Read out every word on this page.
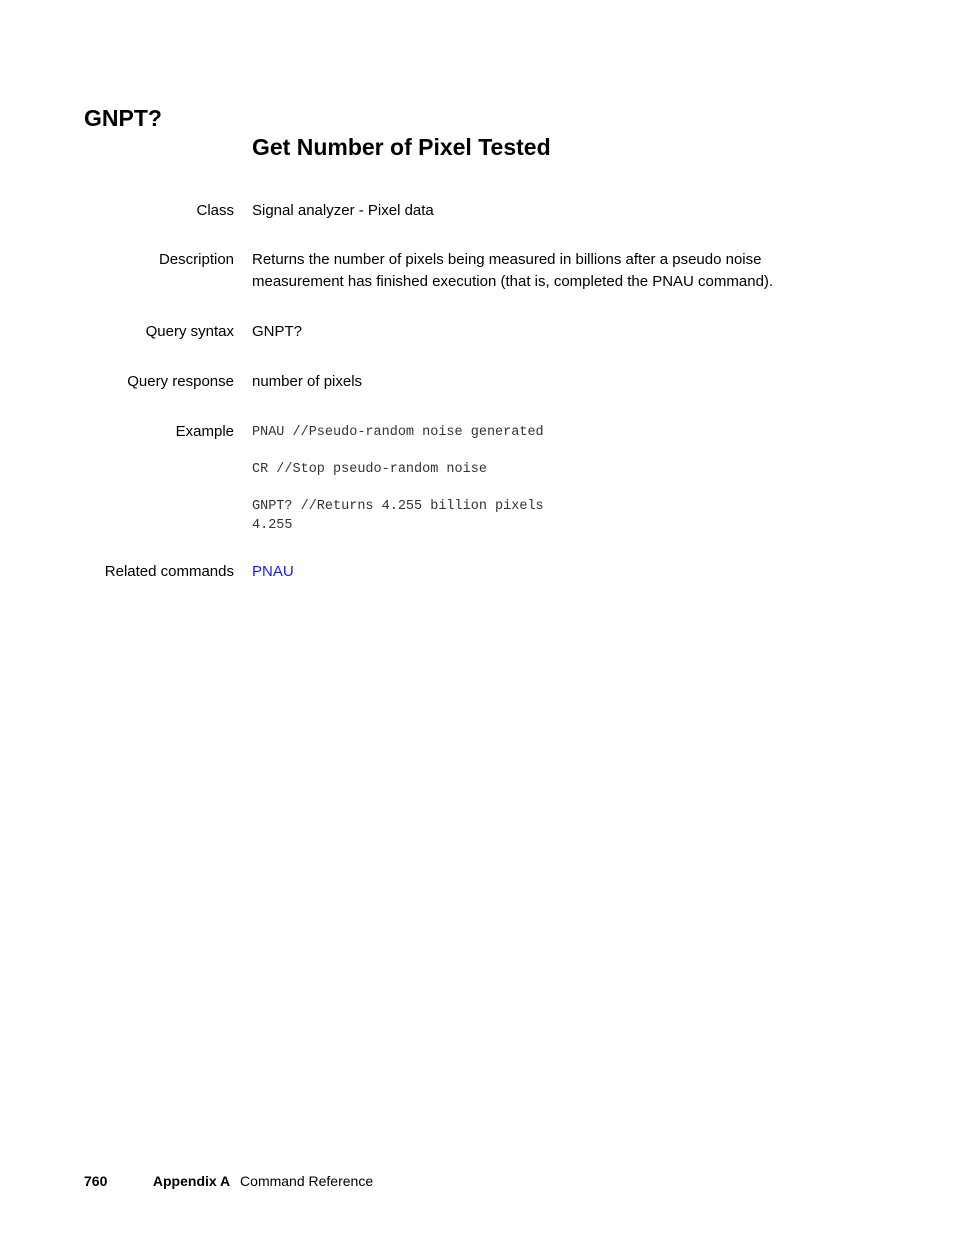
GNPT?
Get Number of Pixel Tested
Class Signal analyzer - Pixel data
Description Returns the number of pixels being measured in billions after a pseudo noise measurement has finished execution (that is, completed the PNAU command).
Query syntax GNPT?
Query response number of pixels
Example PNAU //Pseudo-random noise generated
CR //Stop pseudo-random noise
GNPT? //Returns 4.255 billion pixels
4.255
Related commands PNAU
760	Appendix A Command Reference
